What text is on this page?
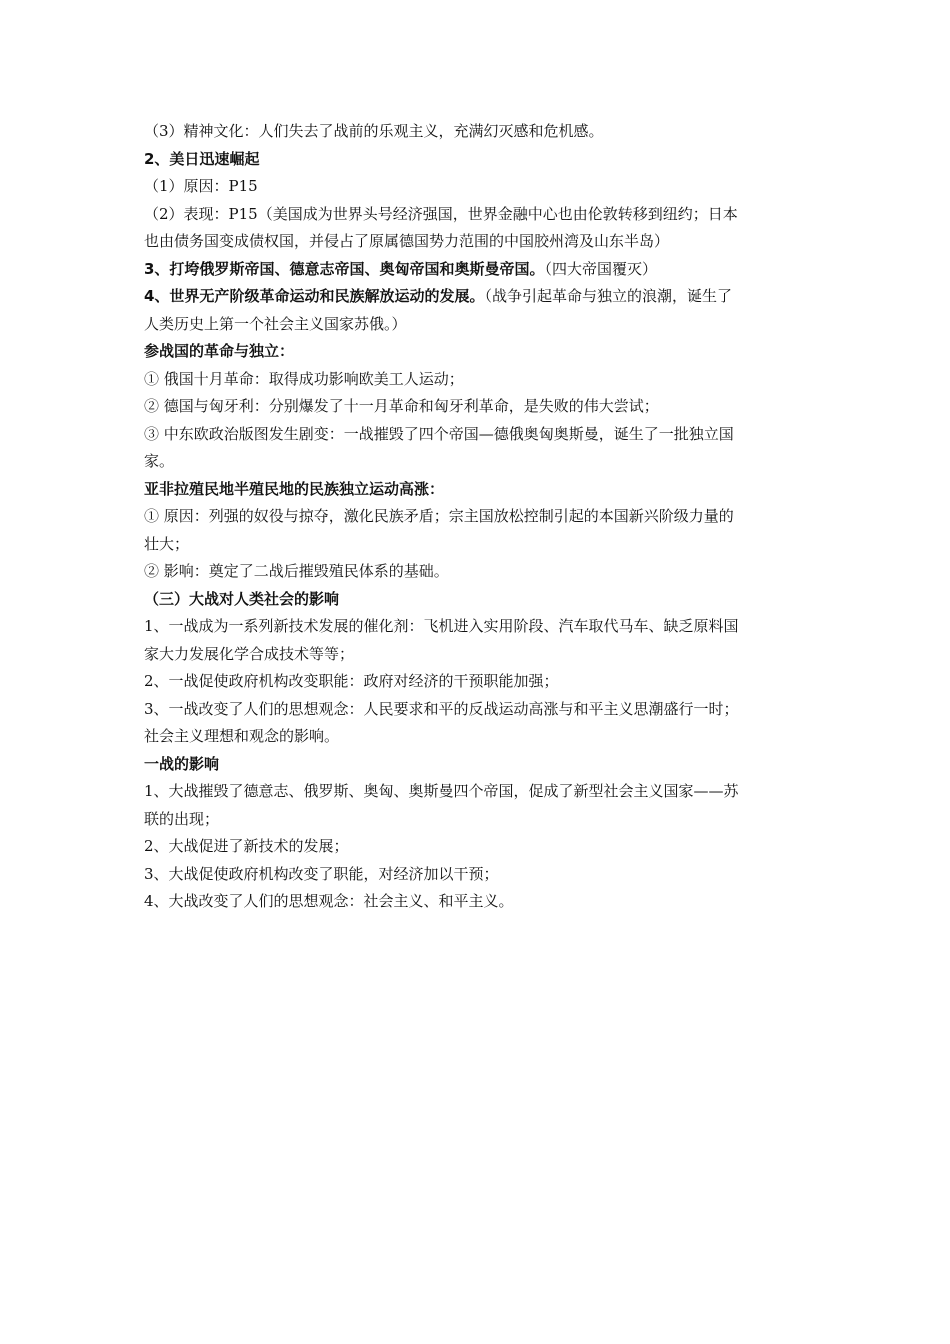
（3）精神文化：人们失去了战前的乐观主义，充满幻灭感和危机感。
2、美日迅速崛起
（1）原因：P15
（2）表现：P15（美国成为世界头号经济强国，世界金融中心也由伦敦转移到纽约；日本
也由债务国变成债权国，并侵占了原属德国势力范围的中国胶州湾及山东半岛）
3、打垮俄罗斯帝国、德意志帝国、奥匈帝国和奥斯曼帝国。（四大帝国覆灭）
4、世界无产阶级革命运动和民族解放运动的发展。（战争引起革命与独立的浪潮，诞生了
人类历史上第一个社会主义国家苏俄。）
参战国的革命与独立：
① 俄国十月革命：取得成功影响欧美工人运动；
② 德国与匈牙利：分别爆发了十一月革命和匈牙利革命，是失败的伟大尝试；
③ 中东欧政治版图发生剧变：一战摧毁了四个帝国—德俄奥匈奥斯曼，诞生了一批独立国
家。
亚非拉殖民地半殖民地的民族独立运动高涨：
① 原因：列强的奴役与掠夺，激化民族矛盾；宗主国放松控制引起的本国新兴阶级力量的
壮大；
② 影响：奠定了二战后摧毁殖民体系的基础。
（三）大战对人类社会的影响
1、一战成为一系列新技术发展的催化剂：飞机进入实用阶段、汽车取代马车、缺乏原料国
家大力发展化学合成技术等等；
2、一战促使政府机构改变职能：政府对经济的干预职能加强；
3、一战改变了人们的思想观念：人民要求和平的反战运动高涨与和平主义思潮盛行一时；
社会主义理想和观念的影响。
一战的影响
1、大战摧毁了德意志、俄罗斯、奥匈、奥斯曼四个帝国，促成了新型社会主义国家——苏
联的出现；
2、大战促进了新技术的发展；
3、大战促使政府机构改变了职能，对经济加以干预；
4、大战改变了人们的思想观念：社会主义、和平主义。
